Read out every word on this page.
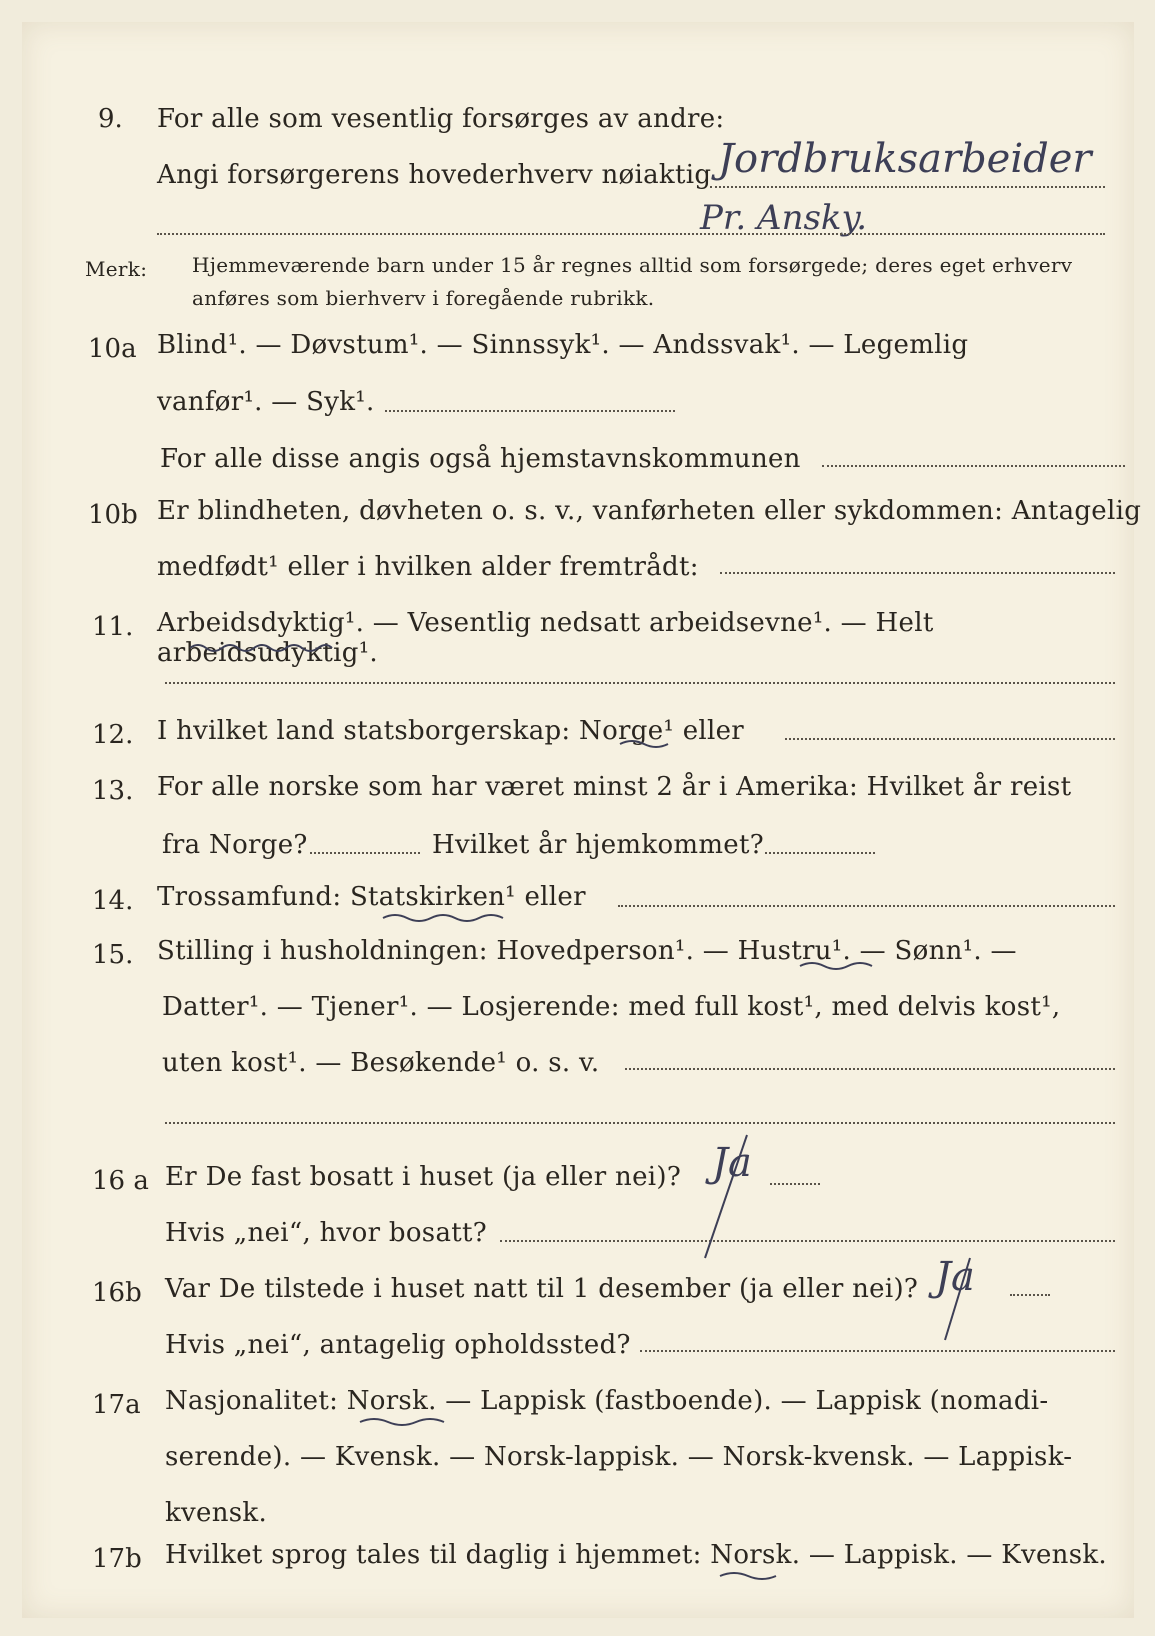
9. For alle som vesentlig forsørges av andre:
Angi forsørgerens hovederhverv nøiaktig Jordbruksarbeider
Pr. Ansky.
Merk: Hjemmeværende barn under 15 år regnes alltid som forsørgede; deres eget erhverv
anføres som bierhverv i foregående rubrikk.
10a Blind¹. — Døvstum¹. — Sinnssyk¹. — Andssvak¹. — Legemlig
vanfør¹. — Syk¹.
For alle disse angis også hjemstavnskommunen
10b Er blindheten, døvheten o. s. v., vanførheten eller sykdommen: Antagelig
medfødt¹ eller i hvilken alder fremtrådt:
11. Arbeidsdyktig¹. — Vesentlig nedsatt arbeidsevne¹. — Helt arbeidsudyktig¹.
12. I hvilket land statsborgerskap: Norge¹ eller
13. For alle norske som har været minst 2 år i Amerika: Hvilket år reist
fra Norge?	Hvilket år hjemkommet?
14. Trossamfund: Statskirken¹ eller
15. Stilling i husholdningen: Hovedperson¹. — Hustru¹. — Sønn¹. —
Datter¹. — Tjener¹. — Losjerende: med full kost¹, med delvis kost¹,
uten kost¹. — Besøkende¹ o. s. v.
16 a Er De fast bosatt i huset (ja eller nei)? Ja
Hvis „nei“, hvor bosatt?
16b Var De tilstede i huset natt til 1 desember (ja eller nei)? Ja
Hvis „nei“, antagelig opholdssted?
17a Nasjonalitet: Norsk. — Lappisk (fastboende). — Lappisk (nomadi-
serende). — Kvensk. — Norsk-lappisk. — Norsk-kvensk. — Lappisk-
kvensk.
17b Hvilket sprog tales til daglig i hjemmet: Norsk. — Lappisk. — Kvensk.
